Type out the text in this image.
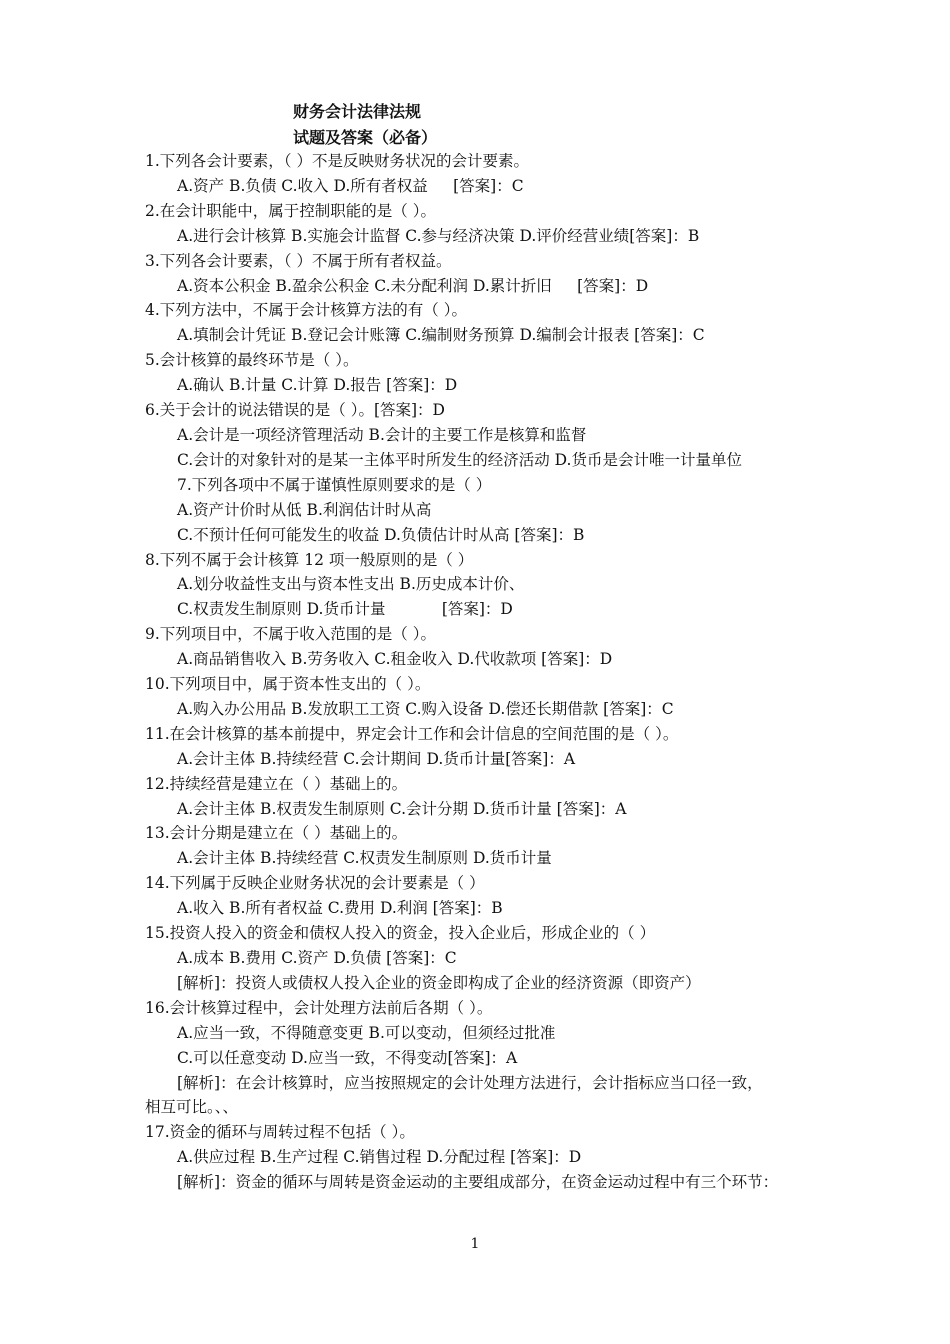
财务会计法律法规
试题及答案（必备）
1.下列各会计要素，（ ）不是反映财务状况的会计要素。
A.资产 B.负债 C.收入 D.所有者权益 　 [答案]：C
2.在会计职能中，属于控制职能的是（ ）。
A.进行会计核算 B.实施会计监督 C.参与经济决策 D.评价经营业绩[答案]：B
3.下列各会计要素，（ ）不属于所有者权益。
A.资本公积金 B.盈余公积金 C.未分配利润 D.累计折旧 　 [答案]：D
4.下列方法中，不属于会计核算方法的有（ ）。
A.填制会计凭证 B.登记会计账簿 C.编制财务预算 D.编制会计报表 [答案]：C
5.会计核算的最终环节是（ ）。
A.确认 B.计量 C.计算 D.报告 [答案]：D
6.关于会计的说法错误的是（ ）。[答案]：D
A.会计是一项经济管理活动 B.会计的主要工作是核算和监督
C.会计的对象针对的是某一主体平时所发生的经济活动 D.货币是会计唯一计量单位
7.下列各项中不属于谨慎性原则要求的是（ ）
A.资产计价时从低 B.利润估计时从高
C.不预计任何可能发生的收益 D.负债估计时从高 [答案]：B
8.下列不属于会计核算 12 项一般原则的是（ ）
A.划分收益性支出与资本性支出 B.历史成本计价、
C.权责发生制原则 D.货币计量 　　　 [答案]：D
9.下列项目中，不属于收入范围的是（ ）。
A.商品销售收入 B.劳务收入 C.租金收入 D.代收款项 [答案]：D
10.下列项目中，属于资本性支出的（ ）。
A.购入办公用品 B.发放职工工资 C.购入设备 D.偿还长期借款 [答案]：C
11.在会计核算的基本前提中，界定会计工作和会计信息的空间范围的是（ ）。
A.会计主体 B.持续经营 C.会计期间 D.货币计量[答案]：A
12.持续经营是建立在（ ）基础上的。
A.会计主体 B.权责发生制原则 C.会计分期 D.货币计量 [答案]：A
13.会计分期是建立在（ ）基础上的。
A.会计主体 B.持续经营 C.权责发生制原则 D.货币计量
14.下列属于反映企业财务状况的会计要素是（ ）
A.收入 B.所有者权益 C.费用 D.利润 [答案]：B
15.投资人投入的资金和债权人投入的资金，投入企业后，形成企业的（ ）
A.成本 B.费用 C.资产 D.负债 [答案]：C
[解析]：投资人或债权人投入企业的资金即构成了企业的经济资源（即资产）
16.会计核算过程中，会计处理方法前后各期（ ）。
A.应当一致，不得随意变更 B.可以变动，但须经过批准
C.可以任意变动 D.应当一致，不得变动[答案]：A
[解析]：在会计核算时，应当按照规定的会计处理方法进行，会计指标应当口径一致，
相互可比。、、
17.资金的循环与周转过程不包括（ ）。
A.供应过程 B.生产过程 C.销售过程 D.分配过程 [答案]：D
[解析]：资金的循环与周转是资金运动的主要组成部分，在资金运动过程中有三个环节：
1
